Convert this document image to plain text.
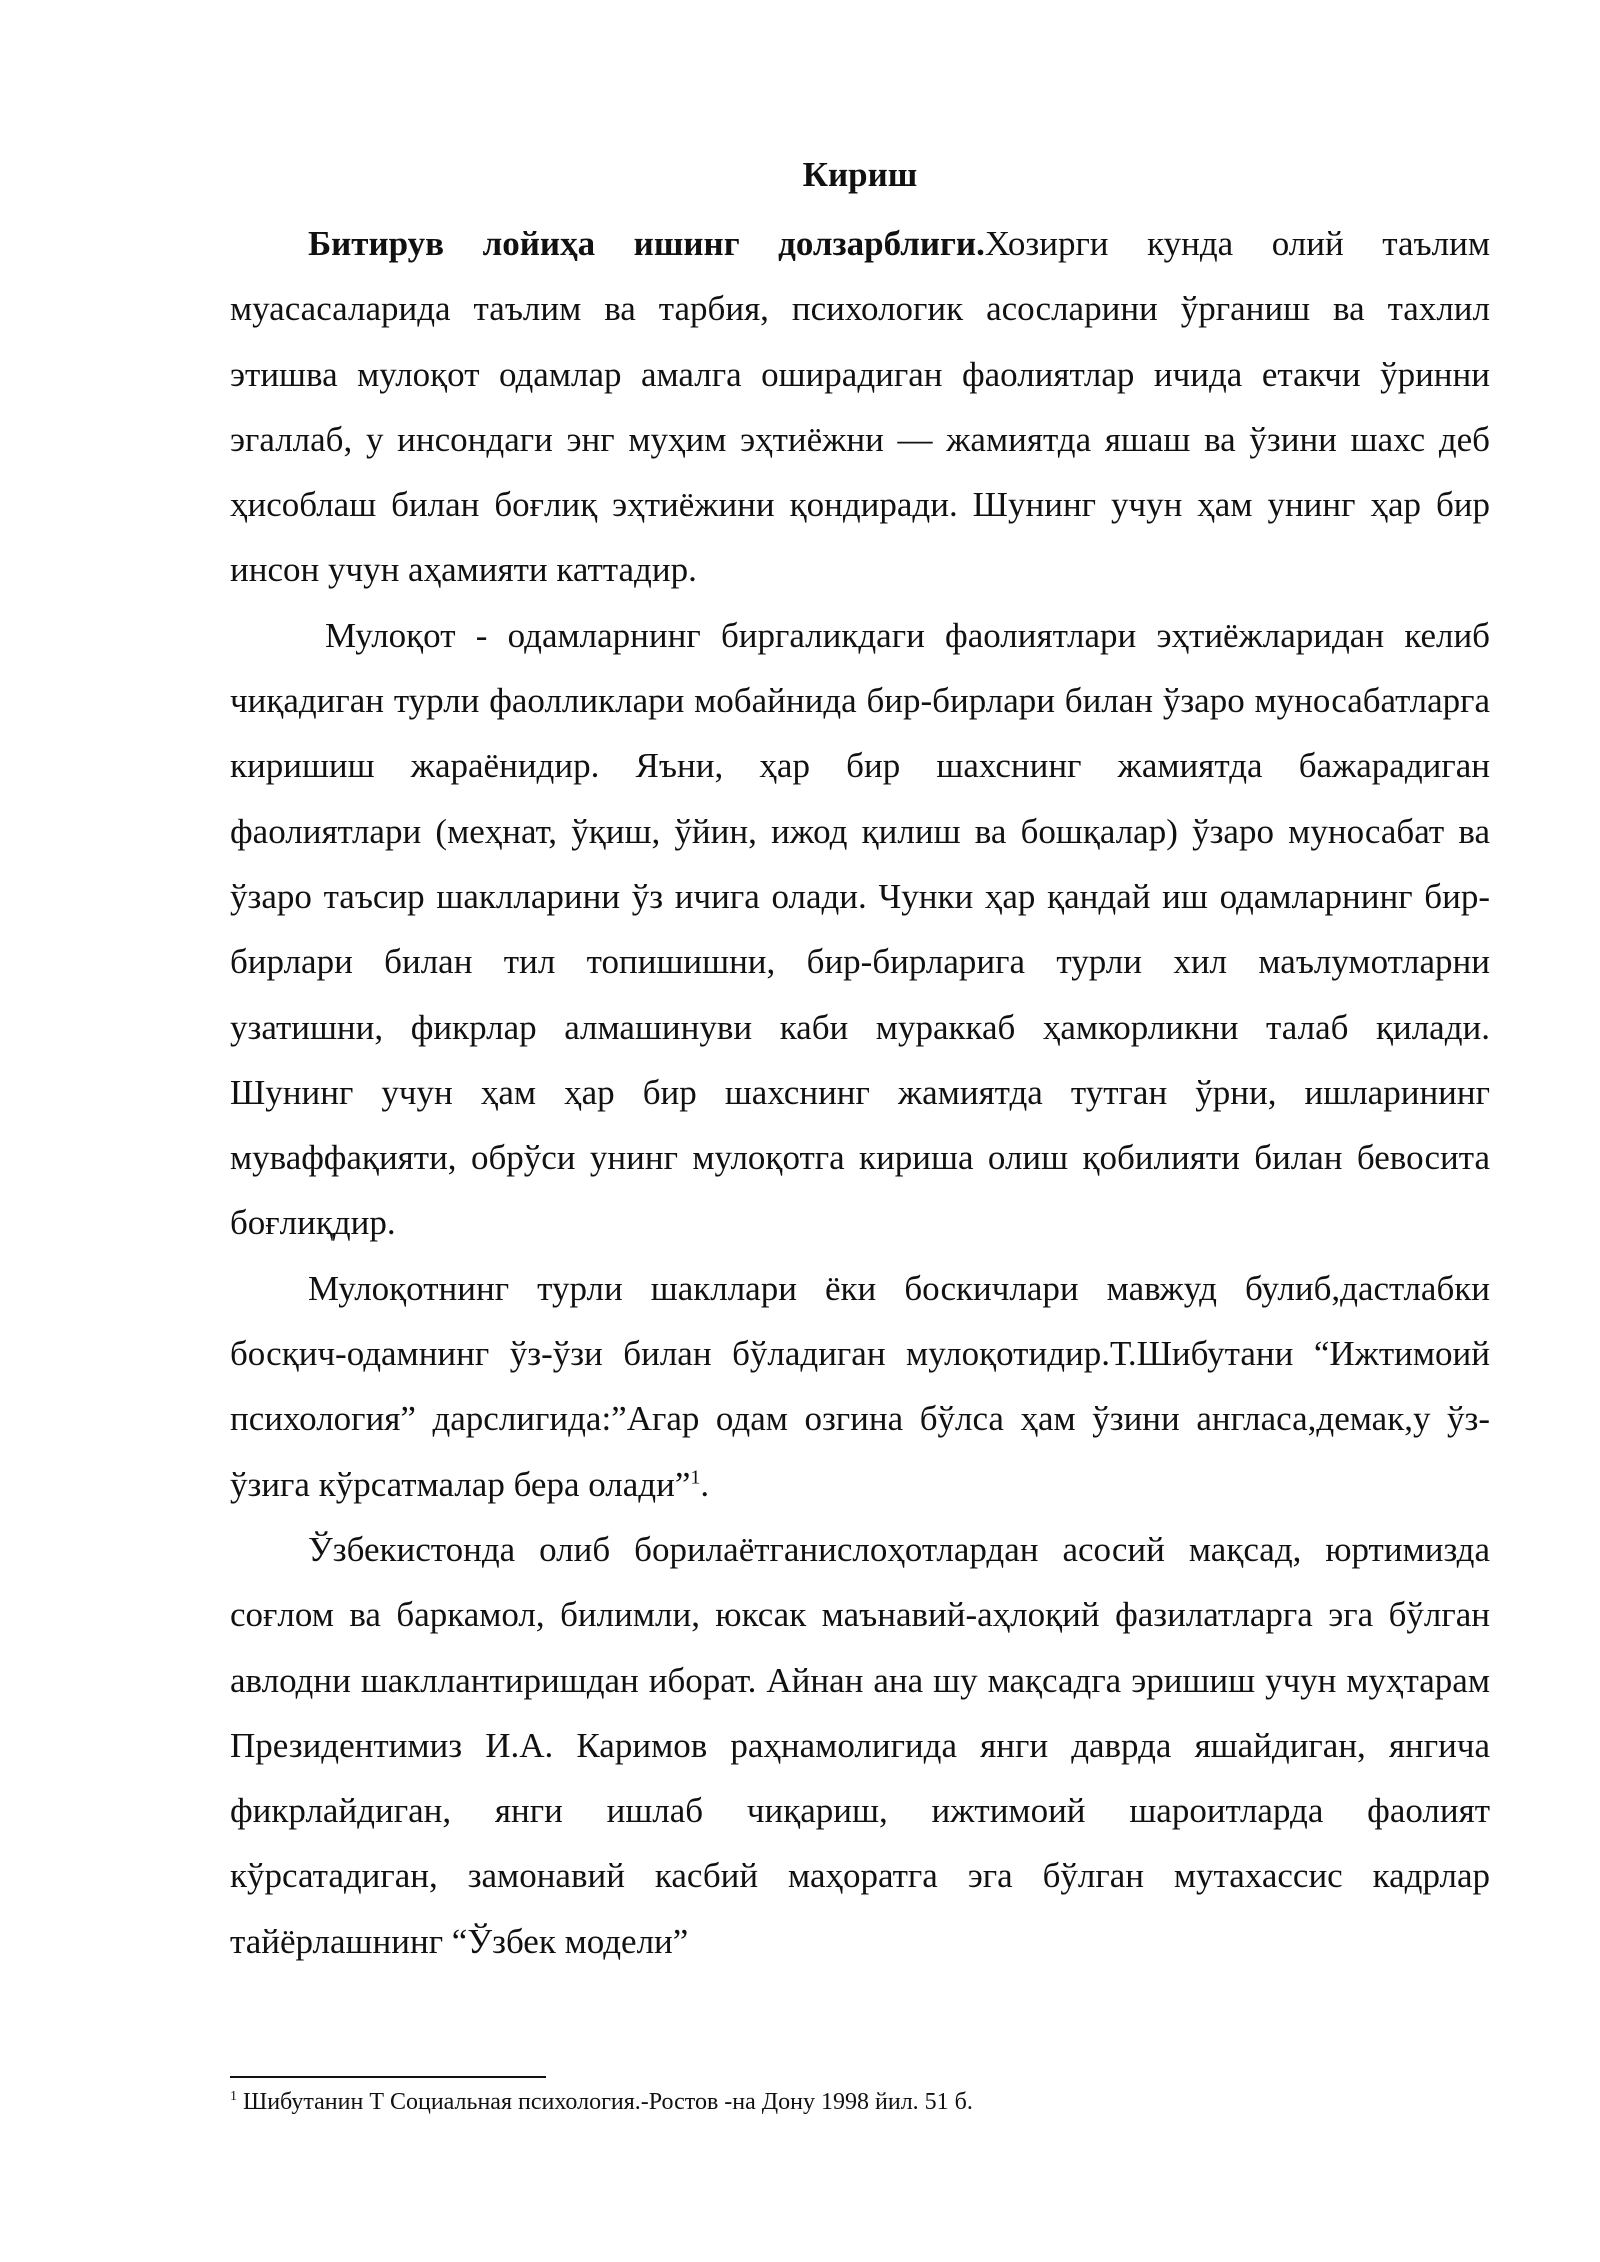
Кириш

Битирув лойиҳа ишинг долзарблиги.Хозирги кунда олий таълим муасасаларида таълим ва тарбия, психологик асосларини ўрганиш ва тахлил этишва мулоқот одамлар амалга оширадиган фаолиятлар ичида етакчи ўринни эгаллаб, у инсондаги энг муҳим эҳтиёжни — жамиятда яшаш ва ўзини шахс деб ҳисоблаш билан боғлиқ эҳтиёжини қондиради. Шунинг учун ҳам унинг ҳар бир инсон учун аҳамияти каттадир.

Мулоқот - одамларнинг биргаликдаги фаолиятлари эҳтиёжларидан келиб чиқадиган турли фаолликлари мобайнида бир-бирлари билан ўзаро муносабатларга киришиш жараёнидир. Яъни, ҳар бир шахснинг жамиятда бажарадиган фаолиятлари (меҳнат, ўқиш, ўйин, ижод қилиш ва бошқалар) ўзаро муносабат ва ўзаро таъсир шаклларини ўз ичига олади. Чунки ҳар қандай иш одамларнинг бир-бирлари билан тил топишишни, бир-бирларига турли хил маълумотларни узатишни, фикрлар алмашинуви каби мураккаб ҳамкорликни талаб қилади. Шунинг учун ҳам ҳар бир шахснинг жамиятда тутган ўрни, ишларининг муваффақияти, обрўси унинг мулоқотга кириша олиш қобилияти билан бевосита боғлиқдир.

Мулоқотнинг турли шакллари ёки боскичлари мавжуд булиб,дастлабки босқич-одамнинг ўз-ўзи билан бўладиган мулоқотидир.Т.Шибутани “Ижтимоий психология” дарслигида:”Агар одам озгина бўлса ҳам ўзини англаса,демак,у ўз-ўзига кўрсатмалар бера олади”$^1$.

Ўзбекистонда олиб борилаётганислоҳотлардан асосий мақсад, юртимизда соғлом ва баркамол, билимли, юксак маънавий-аҳлоқий фазилатларга эга бўлган авлодни шакллантиришдан иборат. Айнан ана шу мақсадга эришиш учун муҳтарам Президентимиз И.А. Каримов раҳнамолигида янги даврда яшайдиган, янгича фикрлайдиган, янги ишлаб чиқариш, ижтимоий шароитларда фаолият кўрсатадиган, замонавий касбий маҳоратга эга бўлган мутахассис кадрлар тайёрлашнинг “Ўзбек модели”

$^1$ Шибутанин Т Социальная психология.-Ростов -на Дону 1998 йил. 51 б.
